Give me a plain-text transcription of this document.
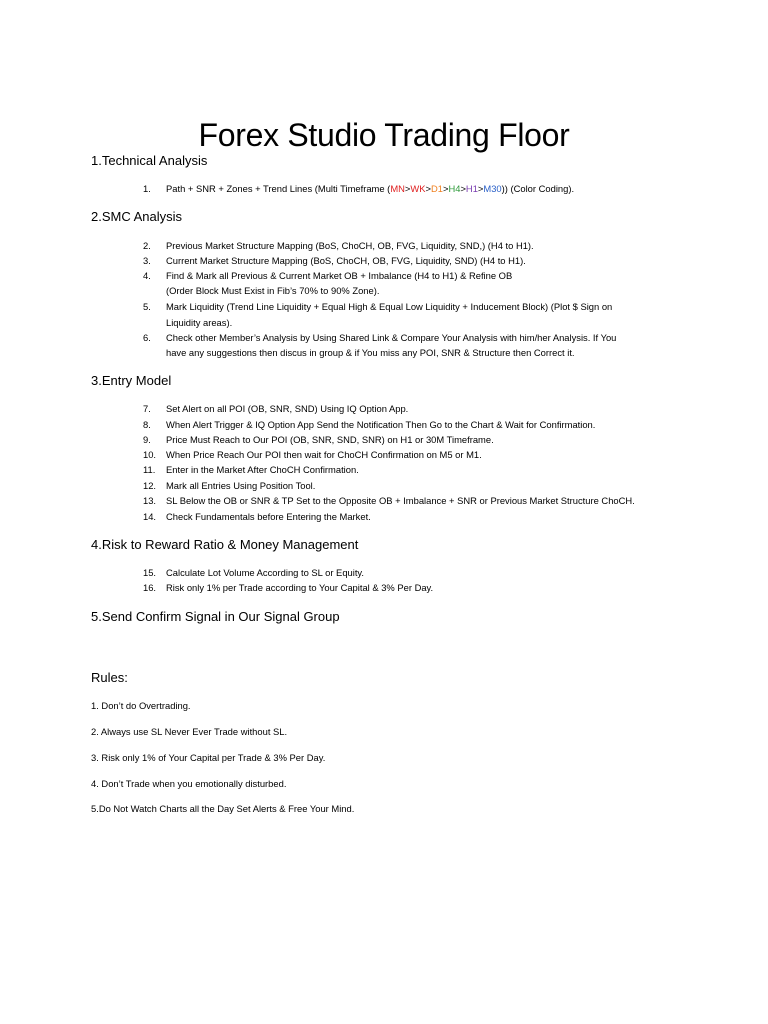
Forex Studio Trading Floor
1.Technical Analysis
1. Path + SNR + Zones + Trend Lines (Multi Timeframe (MN>WK>D1>H4>H1>M30)) (Color Coding).
2.SMC Analysis
2. Previous Market Structure Mapping (BoS, ChoCH, OB, FVG, Liquidity, SND,) (H4 to H1).
3. Current Market Structure Mapping (BoS, ChoCH, OB, FVG, Liquidity, SND) (H4 to H1).
4. Find & Mark all Previous & Current Market OB + Imbalance (H4 to H1) & Refine OB
(Order Block Must Exist in Fib’s 70% to 90% Zone).
5. Mark Liquidity (Trend Line Liquidity + Equal High & Equal Low Liquidity + Inducement Block) (Plot $ Sign on
Liquidity areas).
6. Check other Member’s Analysis by Using Shared Link & Compare Your Analysis with him/her Analysis. If You
have any suggestions then discus in group & if You miss any POI, SNR & Structure then Correct it.
3.Entry Model
7. Set Alert on all POI (OB, SNR, SND) Using IQ Option App.
8. When Alert Trigger & IQ Option App Send the Notification Then Go to the Chart & Wait for Confirmation.
9. Price Must Reach to Our POI (OB, SNR, SND, SNR) on H1 or 30M Timeframe.
10. When Price Reach Our POI then wait for ChoCH Confirmation on M5 or M1.
11. Enter in the Market After ChoCH Confirmation.
12. Mark all Entries Using Position Tool.
13. SL Below the OB or SNR & TP Set to the Opposite OB + Imbalance + SNR or Previous Market Structure ChoCH.
14. Check Fundamentals before Entering the Market.
4.Risk to Reward Ratio & Money Management
15. Calculate Lot Volume According to SL or Equity.
16. Risk only 1% per Trade according to Your Capital & 3% Per Day.
5.Send Confirm Signal in Our Signal Group
Rules:
1. Don’t do Overtrading.
2. Always use SL Never Ever Trade without SL.
3. Risk only 1% of Your Capital per Trade & 3% Per Day.
4. Don’t Trade when you emotionally disturbed.
5.Do Not Watch Charts all the Day Set Alerts & Free Your Mind.
